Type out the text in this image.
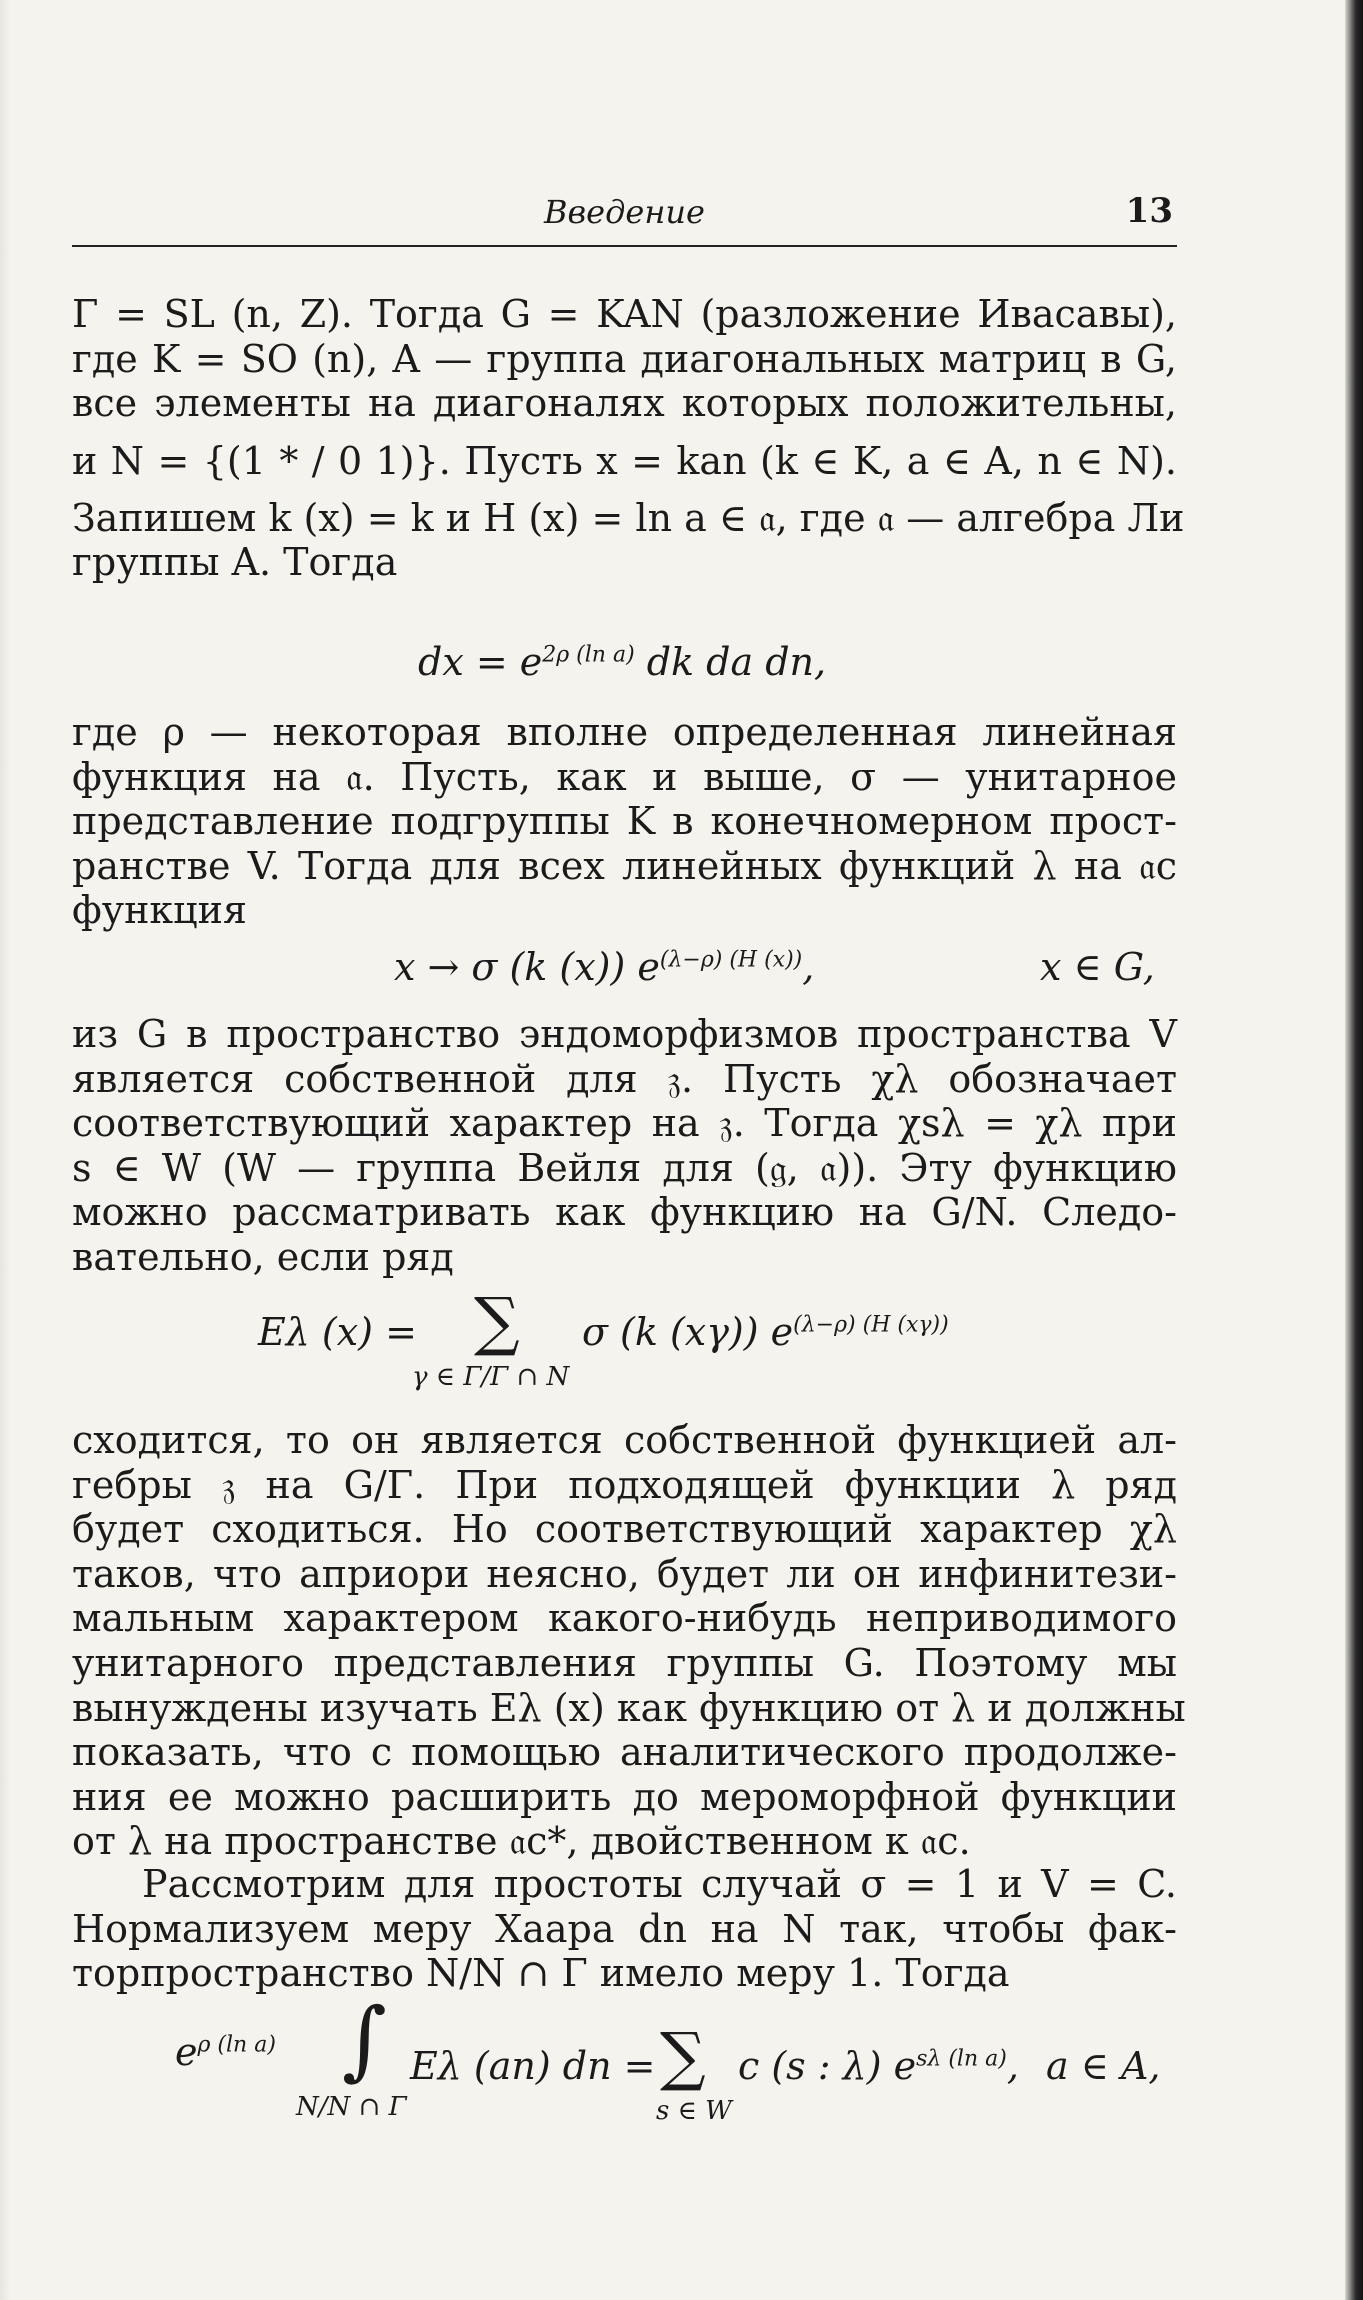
Введение	13
Γ = SL (n, Z). Тогда G = KAN (разложение Ивасавы),
где K = SO (n), A — группа диагональных матриц в G,
все элементы на диагоналях которых положительны,
и N = {(1 * / 0 1)}. Пусть x = kan (k ∈ K, a ∈ A, n ∈ N).
Запишем k (x) = k и H (x) = ln a ∈ 𝔞, где 𝔞 — алгебра Ли
группы A. Тогда
dx = $e^{2\rho (ln a)}$ dk da dn,
где ρ — некоторая вполне определенная линейная
функция на 𝔞. Пусть, как и выше, σ — унитарное
представление подгруппы K в конечномерном прост-
ранстве V. Тогда для всех линейных функций λ на 𝔞c
функция
x → σ (k (x)) $e^{(\lambda-\rho) (H (x))}$,	x ∈ G,
из G в пространство эндоморфизмов пространства V
является собственной для 𝔷. Пусть χλ обозначает
соответствующий характер на 𝔷. Тогда χsλ = χλ при
s ∈ W (W — группа Вейля для (𝔤, 𝔞)). Эту функцию
можно рассматривать как функцию на G/N. Следо-
вательно, если ряд
Eλ (x) = ∑
γ ∈ Γ/Γ ∩ N
σ (k (xγ)) $e^{(\lambda-\rho) (H (x\gamma))}$
сходится, то он является собственной функцией ал-
гебры 𝔷 на G/Γ. При подходящей функции λ ряд
будет сходиться. Но соответствующий характер χλ
таков, что априори неясно, будет ли он инфинитези-
мальным характером какого-нибудь неприводимого
унитарного представления группы G. Поэтому мы
вынуждены изучать Eλ (x) как функцию от λ и должны
показать, что с помощью аналитического продолже-
ния ее можно расширить до мероморфной функции
от λ на пространстве 𝔞c*, двойственном к 𝔞c.
Рассмотрим для простоты случай σ = 1 и V = C.
Нормализуем меру Хаара dn на N так, чтобы фак-
торпространство N/N ∩ Γ имело меру 1. Тогда
$e^{\rho (ln a)}$ ∫
N/N ∩ Γ
Eλ (an) dn = ∑
s ∈ W
c (s : λ) $e^{s\lambda (ln a)}$, a ∈ A,
